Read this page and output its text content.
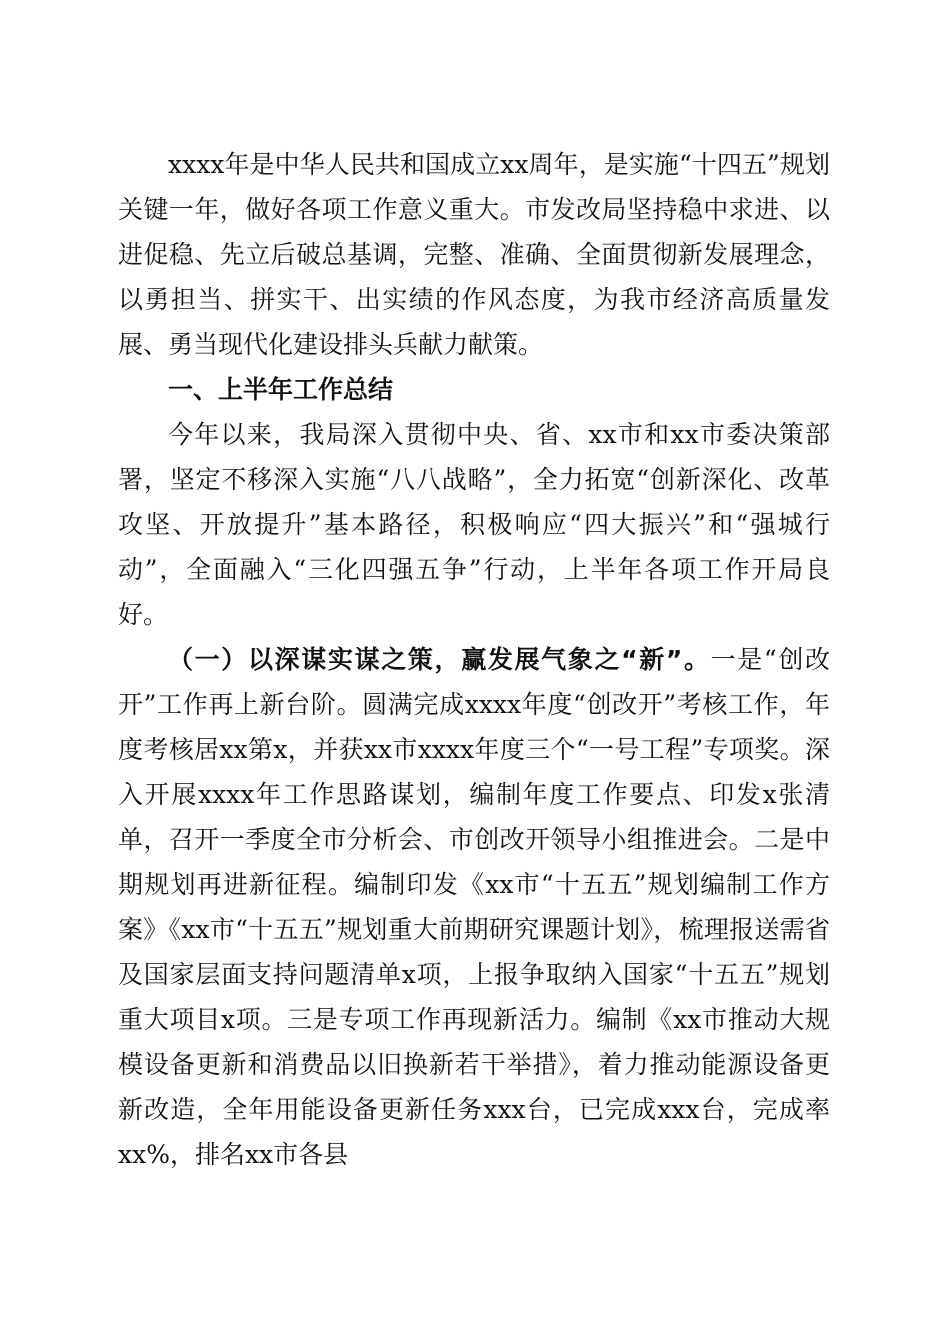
xxxx年是中华人民共和国成立xx周年，是实施“十四五”规划关键一年，做好各项工作意义重大。市发改局坚持稳中求进、以进促稳、先立后破总基调，完整、准确、全面贯彻新发展理念，以勇担当、拼实干、出实绩的作风态度，为我市经济高质量发展、勇当现代化建设排头兵献力献策。

一、上半年工作总结

今年以来，我局深入贯彻中央、省、xx市和xx市委决策部署，坚定不移深入实施“八八战略”，全力拓宽“创新深化、改革攻坚、开放提升”基本路径，积极响应“四大振兴”和“强城行动”，全面融入“三化四强五争”行动，上半年各项工作开局良好。

（一）以深谋实谋之策，赢发展气象之“新”。一是“创改开”工作再上新台阶。圆满完成xxxx年度“创改开”考核工作，年度考核居xx第x，并获xx市xxxx年度三个“一号工程”专项奖。深入开展xxxx年工作思路谋划，编制年度工作要点、印发x张清单，召开一季度全市分析会、市创改开领导小组推进会。二是中期规划再进新征程。编制印发《xx市“十五五”规划编制工作方案》《xx市“十五五”规划重大前期研究课题计划》，梳理报送需省及国家层面支持问题清单x项，上报争取纳入国家“十五五”规划重大项目x项。三是专项工作再现新活力。编制《xx市推动大规模设备更新和消费品以旧换新若干举措》，着力推动能源设备更新改造，全年用能设备更新任务xxx台，已完成xxx台，完成率xx%，排名xx市各县
